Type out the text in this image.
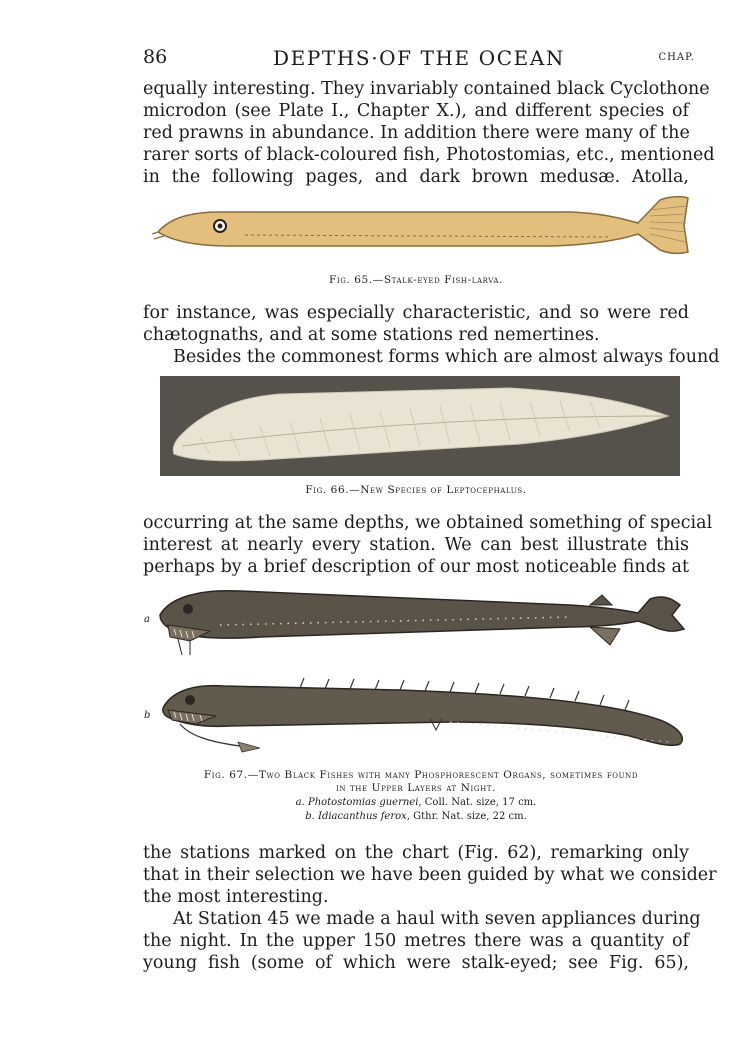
86	DEPTHS·OF THE OCEAN	CHAP.
equally interesting. They invariably contained black Cyclothone
microdon (see Plate I., Chapter X.), and different species of
red prawns in abundance. In addition there were many of the
rarer sorts of black-coloured fish, Photostomias, etc., mentioned
in the following pages, and dark brown medusæ. Atolla,
Fig. 65.—Stalk-eyed Fish-larva.
for instance, was especially characteristic, and so were red
chætognaths, and at some stations red nemertines.
Besides the commonest forms which are almost always found
Fig. 66.—New Species of Leptocephalus.
occurring at the same depths, we obtained something of special
interest at nearly every station. We can best illustrate this
perhaps by a brief description of our most noticeable finds at
a
b
Fig. 67.—Two Black Fishes with many Phosphorescent Organs, sometimes found
in the Upper Layers at Night.
a. Photostomias guernei, Coll. Nat. size, 17 cm.
b. Idiacanthus ferox, Gthr. Nat. size, 22 cm.
the stations marked on the chart (Fig. 62), remarking only
that in their selection we have been guided by what we consider
the most interesting.
At Station 45 we made a haul with seven appliances during
the night. In the upper 150 metres there was a quantity of
young fish (some of which were stalk-eyed; see Fig. 65),
